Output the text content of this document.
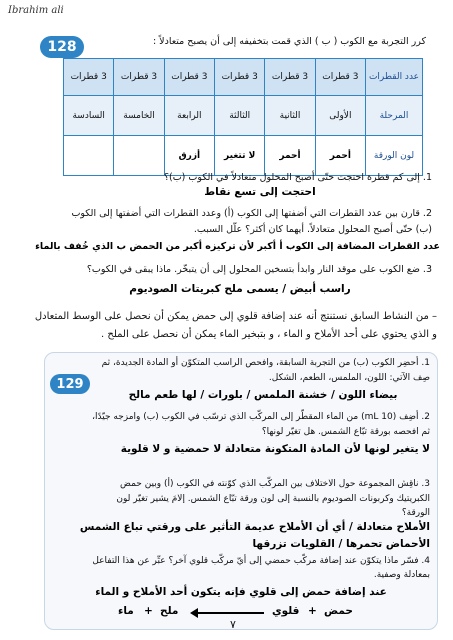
Ibrahim ali
128	كرر التجربة مع الكوب ( ب ) الذي قمت بتخفيفه إلى أن يصبح متعادلاً :
عدد القطرات	3 قطرات	3 قطرات	3 قطرات	3 قطرات	3 قطرات	3 قطرات
المرحلة	الأولى	الثانية	الثالثة	الرابعة	الخامسة	السادسة
لون الورقة	أحمر	أحمر	لا تتغير	أزرق		
1. إلى كم قطرة احتجت حتّى أصبح المحلول متعادلاً في الكوب (ب)؟
احتجت إلى تسع نقاط
2. قارن بين عدد القطرات التي أضفتها إلى الكوب (أ) وعدد القطرات التي أضفتها إلى الكوب
(ب) حتّى أصبح المحلول متعادلاً. أيهما كان أكثر؟ علّل السبب.
عدد القطرات المضافة إلى الكوب أ أكبر لأن تركيزه أكبر من الحمض ب الذي خُفف بالماء
3. ضع الكوب على موقد النار وابدأ بتسخين المحلول إلى أن يتبخّر. ماذا يبقى في الكوب؟
راسب أبيض / يسمى ملح كبريتات الصوديوم
– من النشاط السابق نستنتج أنه عند إضافة قلوي إلى حمض يمكن أن نحصل على الوسط المتعادل
و الذي يحتوي على أحد الأملاح و الماء ، و بتبخير الماء يمكن أن نحصل على الملح .
129
1. أحضِر الكوب (ب) من التجربة السابقة، وافحص الراسب المتكوّن أو المادة الجديدة، ثم
صِف الآتي: اللون، الملمس، الطعم، الشكل.
بيضاء اللون / خشنة الملمس / بلورات / لها طعم مالح
2. أضِف (10 mL) من الماء المقطّر إلى المركّب الذي ترسّب في الكوب (ب) وامزجه جيّدًا،
ثم افحصه بورقة تبّاع الشمس. هل تغيّر لونها؟
لا يتغير لونها لأن المادة المتكونة متعادلة لا حمضية و لا قلوية
3. ناقِش المجموعة حول الاختلاف بين المركّب الذي كوّنته في الكوب (أ) وبين حمض
الكبريتيك وكربونات الصوديوم بالنسبة إلى لون ورقة تبّاع الشمس. إلامَ يشير تغيّر لون
الورقة؟
الأملاح متعادلة / أي أن الأملاح عديمة التأثير على ورقتي تباع الشمس
الأحماض تحمرها / القلويات تزرقها
4. فسّر ماذا يتكوّن عند إضافة مركّب حمضي إلى أيّ مركّب قلوي آخر؟ عبِّر عن هذا التفاعل
بمعادلة وصفية.
عند إضافة حمض إلى قلوي فإنه يتكون أحد الأملاح و الماء
حمض
+
قلوي
ملح
+
ماء
٧
